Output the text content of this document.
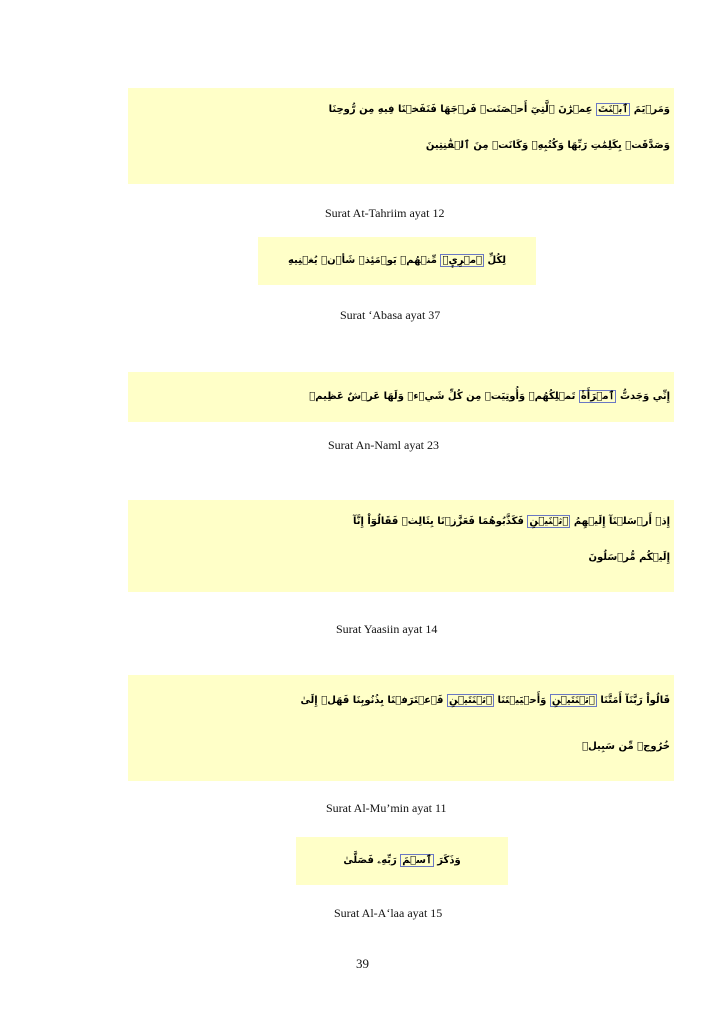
وَمَرۡيَمَ ٱبۡنَتَ عِمۡرَٰنَ ٱلَّتِيٓ أَحۡصَنَتۡ فَرۡجَهَا فَنَفَخۡنَا فِيهِ مِن رُّوحِنَا
وَصَدَّقَتۡ بِكَلِمَٰتِ رَبِّهَا وَكُتُبِهِۦ وَكَانَتۡ مِنَ ٱلۡقَٰنِتِينَ
Surat At-Tahriim ayat 12
لِكُلِّ ٱمۡرِيٕٖ مِّنۡهُمۡ يَوۡمَئِذٖ شَأۡنٞ يُغۡنِيهِ
Surat ‘Abasa ayat 37
إِنِّي وَجَدتُّ ٱمۡرَأَةٗ تَمۡلِكُهُمۡ وَأُوتِيَتۡ مِن كُلِّ شَيۡءٖ وَلَهَا عَرۡشٌ عَظِيمٞ
Surat An-Naml ayat 23
إِذۡ أَرۡسَلۡنَآ إِلَيۡهِمُ ٱثۡنَيۡنِ فَكَذَّبُوهُمَا فَعَزَّزۡنَا بِثَالِثٖ فَقَالُوٓاْ إِنَّآ
إِلَيۡكُم مُّرۡسَلُونَ
Surat Yaasiin ayat 14
قَالُواْ رَبَّنَآ أَمَتَّنَا ٱثۡنَتَيۡنِ وَأَحۡيَيۡتَنَا ٱثۡنَتَيۡنِ فَٱعۡتَرَفۡنَا بِذُنُوبِنَا فَهَلۡ إِلَىٰ
خُرُوجٖ مِّن سَبِيلٖ
Surat Al-Mu’min ayat 11
وَذَكَرَ ٱسۡمَ رَبِّهِۦ فَصَلَّىٰ
Surat Al-A‘laa ayat 15
39
